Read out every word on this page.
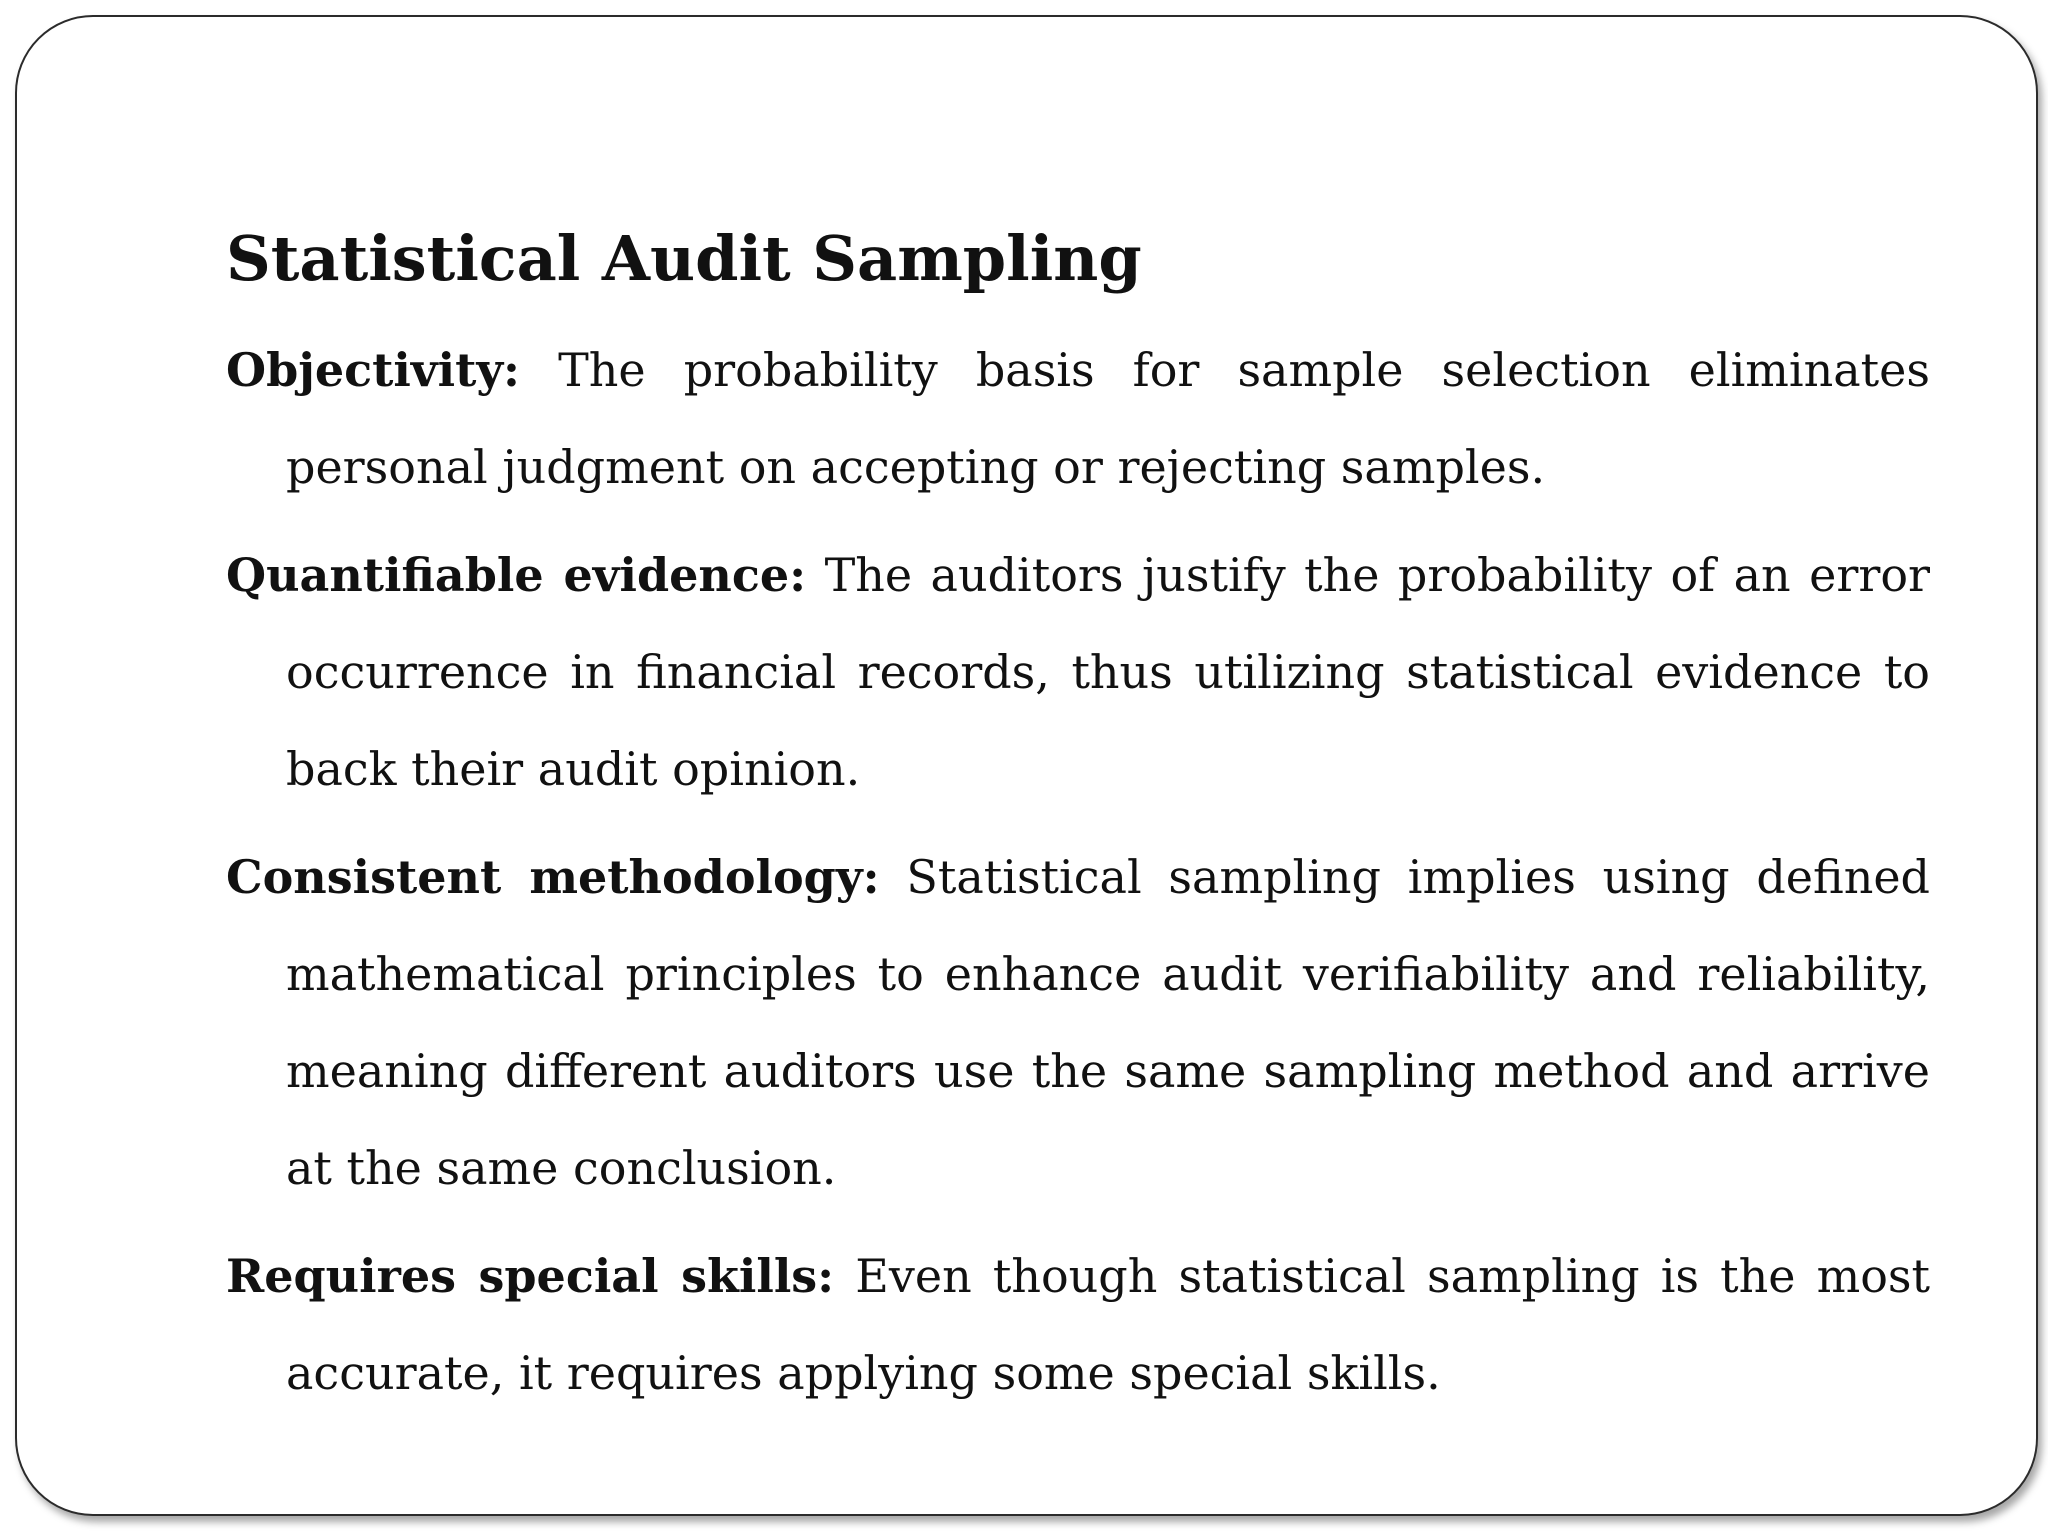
Statistical Audit Sampling

Objectivity: The probability basis for sample selection eliminates personal judgment on accepting or rejecting samples.

Quantifiable evidence: The auditors justify the probability of an error occurrence in financial records, thus utilizing statistical evidence to back their audit opinion.

Consistent methodology: Statistical sampling implies using defined mathematical principles to enhance audit verifiability and reliability, meaning different auditors use the same sampling method and arrive at the same conclusion.

Requires special skills: Even though statistical sampling is the most accurate, it requires applying some special skills.
